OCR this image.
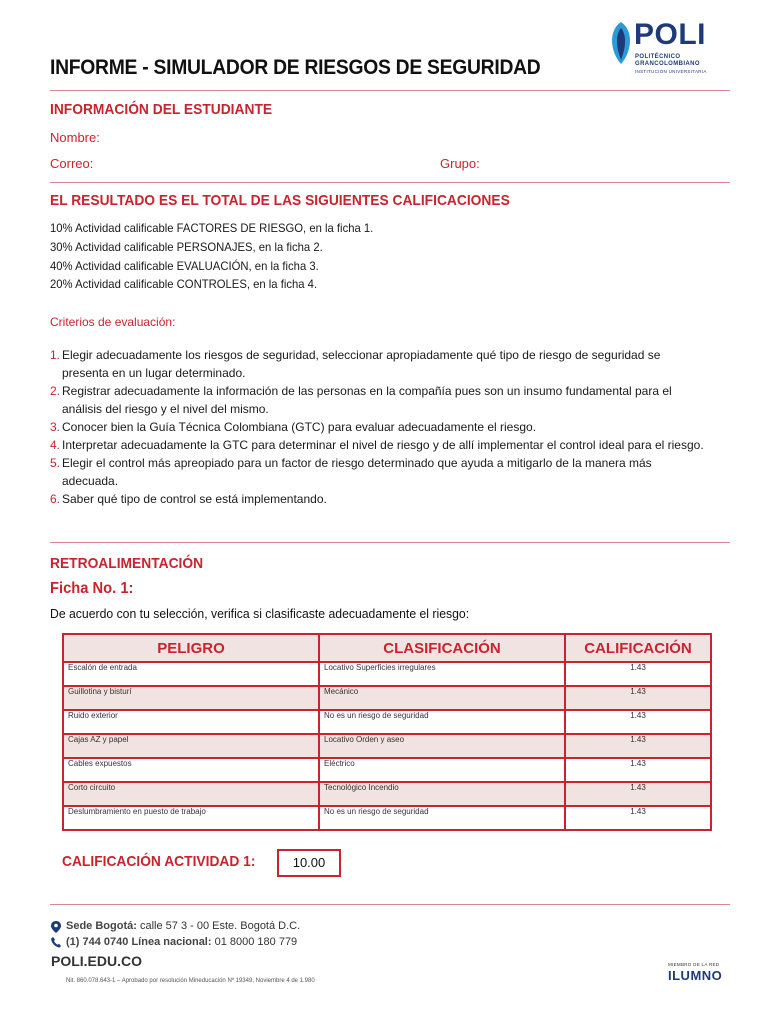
POLI
POLITÉCNICO
GRANCOLOMBIANO
INSTITUCIÓN UNIVERSITARIA
INFORME - SIMULADOR DE RIESGOS DE SEGURIDAD
INFORMACIÓN DEL ESTUDIANTE
Nombre:
Correo:	Grupo:
EL RESULTADO ES EL TOTAL DE LAS SIGUIENTES CALIFICACIONES
10% Actividad calificable FACTORES DE RIESGO, en la ficha 1.
30% Actividad calificable PERSONAJES, en la ficha 2.
40% Actividad calificable EVALUACIÓN, en la ficha 3.
20% Actividad calificable CONTROLES, en la ficha 4.
Criterios de evaluación:
1. Elegir adecuadamente los riesgos de seguridad, seleccionar apropiadamente qué tipo de riesgo de seguridad se presenta en un lugar determinado.
2. Registrar adecuadamente la información de las personas en la compañía pues son un insumo fundamental para el análisis del riesgo y el nivel del mismo.
3. Conocer bien la Guía Técnica Colombiana (GTC) para evaluar adecuadamente el riesgo.
4. Interpretar adecuadamente la GTC para determinar el nivel de riesgo y de allí implementar el control ideal para el riesgo.
5. Elegir el control más apreopiado para un factor de riesgo determinado que ayuda a mitigarlo de la manera más adecuada.
6. Saber qué tipo de control se está implementando.
RETROALIMENTACIÓN
Ficha No. 1:
De acuerdo con tu selección, verifica si clasificaste adecuadamente el riesgo:
PELIGRO	CLASIFICACIÓN	CALIFICACIÓN
Escalón de entrada	Locativo Superficies irregulares	1.43
Guillotina y bisturí	Mecánico	1.43
Ruido exterior	No es un riesgo de seguridad	1.43
Cajas AZ y papel	Locativo Orden y aseo	1.43
Cables expuestos	Eléctrico	1.43
Corto circuito	Tecnológico Incendio	1.43
Deslumbramiento en puesto de trabajo	No es un riesgo de seguridad	1.43
CALIFICACIÓN ACTIVIDAD 1:	10.00
Sede Bogotá: calle 57 3 - 00 Este. Bogotá D.C.
(1) 744 0740 Línea nacional: 01 8000 180 779
POLI.EDU.CO
Nit. 860.078.643-1 – Aprobado por resolución Mineducación Nº 19349, Noviembre 4 de 1.980
MIEMBRO DE LA RED
ILUMNO
